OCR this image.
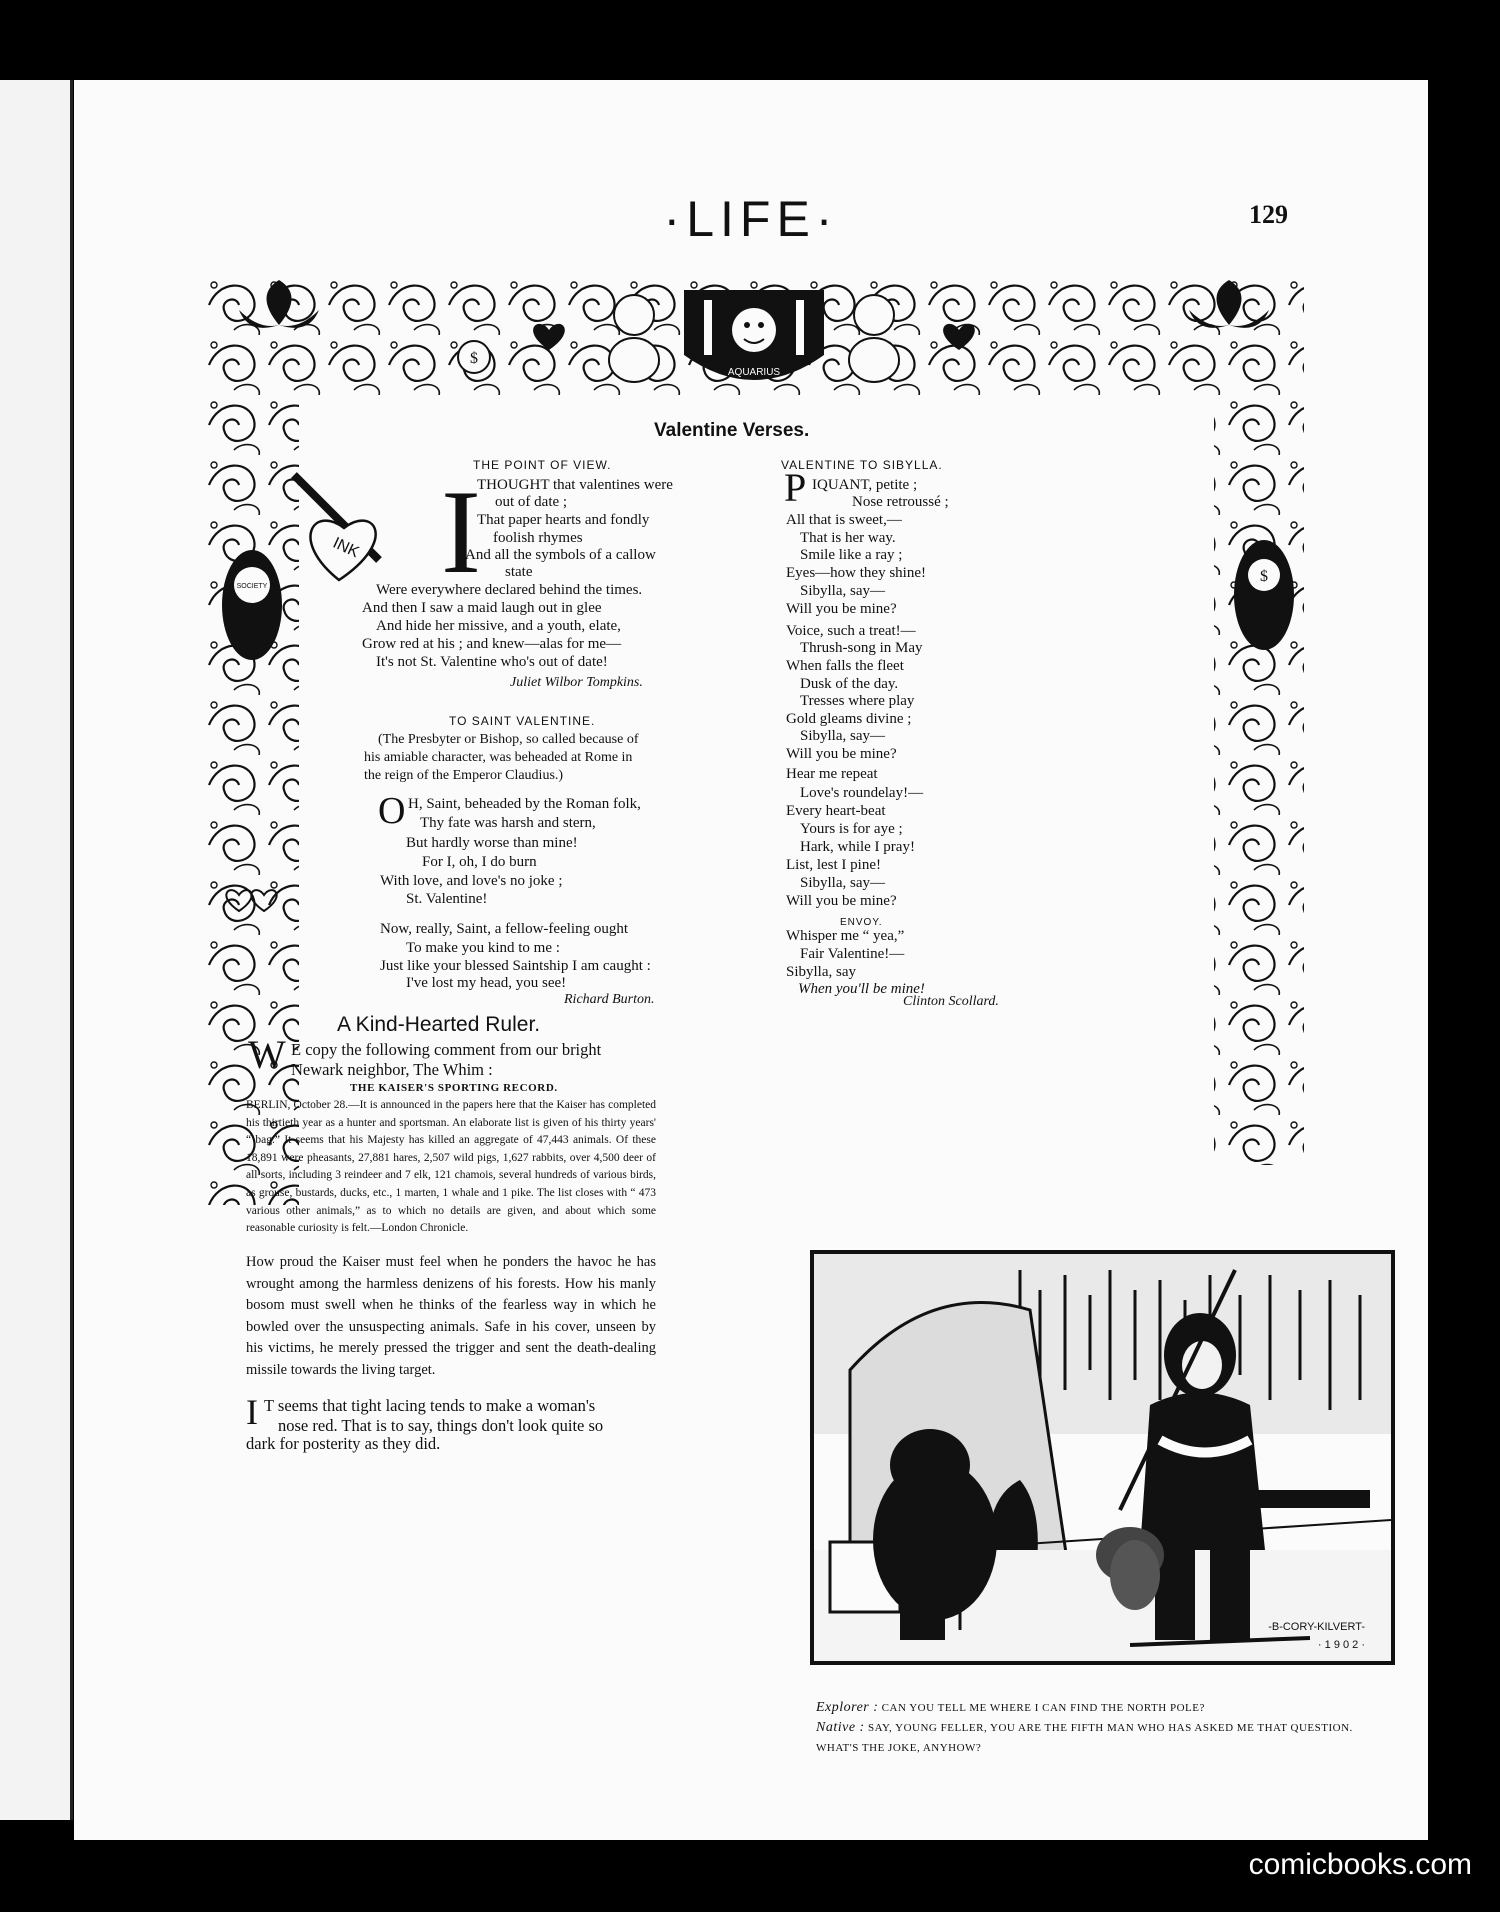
·LIFE·	129
AQUARIUS
$
SOCIETY
$
Valentine Verses.
THE POINT OF VIEW.
I
INK
THOUGHT that valentines were
out of date ;
That paper hearts and fondly
foolish rhymes
And all the symbols of a callow
state
Were everywhere declared behind the times.
And then I saw a maid laugh out in glee
And hide her missive, and a youth, elate,
Grow red at his ; and knew—alas for me—
It's not St. Valentine who's out of date!
Juliet Wilbor Tompkins.
TO SAINT VALENTINE.
(The Presbyter or Bishop, so called because of
his amiable character, was beheaded at Rome in
the reign of the Emperor Claudius.)
O H, Saint, beheaded by the Roman folk,
Thy fate was harsh and stern,
But hardly worse than mine!
For I, oh, I do burn
With love, and love's no joke ;
St. Valentine!
Now, really, Saint, a fellow-feeling ought
To make you kind to me :
Just like your blessed Saintship I am caught :
I've lost my head, you see!
Richard Burton.
VALENTINE TO SIBYLLA.
P IQUANT, petite ;
Nose retroussé ;
All that is sweet,—
That is her way.
Smile like a ray ;
Eyes—how they shine!
Sibylla, say—
Will you be mine?
Voice, such a treat!—
Thrush-song in May
When falls the fleet
Dusk of the day.
Tresses where play
Gold gleams divine ;
Sibylla, say—
Will you be mine?
Hear me repeat
Love's roundelay!—
Every heart-beat
Yours is for aye ;
Hark, while I pray!
List, lest I pine!
Sibylla, say—
Will you be mine?
ENVOY.
Whisper me “ yea,”
Fair Valentine!—
Sibylla, say
When you'll be mine!
Clinton Scollard.
A Kind-Hearted Ruler.
W E copy the following comment from our bright
Newark neighbor, The Whim :
THE KAISER'S SPORTING RECORD.
BERLIN, October 28.—It is announced in the papers here that the Kaiser has completed his thirtieth year as a hunter and sportsman. An elaborate list is given of his thirty years' “ bag.” It seems that his Majesty has killed an aggregate of 47,443 animals. Of these 18,891 were pheasants, 27,881 hares, 2,507 wild pigs, 1,627 rabbits, over 4,500 deer of all sorts, including 3 reindeer and 7 elk, 121 chamois, several hundreds of various birds, as grouse, bustards, ducks, etc., 1 marten, 1 whale and 1 pike. The list closes with “ 473 various other animals,” as to which no details are given, and about which some reasonable curiosity is felt.—London Chronicle.
How proud the Kaiser must feel when he ponders the havoc he has wrought among the harmless denizens of his forests. How his manly bosom must swell when he thinks of the fearless way in which he bowled over the unsuspecting animals. Safe in his cover, unseen by his victims, he merely pressed the trigger and sent the death-dealing missile towards the living target.
I T seems that tight lacing tends to make a woman's
nose red. That is to say, things don't look quite so
dark for posterity as they did.
-B-CORY-KILVERT-
· 1 9 0 2 ·
Explorer : CAN YOU TELL ME WHERE I CAN FIND THE NORTH POLE?
Native : SAY, YOUNG FELLER, YOU ARE THE FIFTH MAN WHO HAS ASKED ME THAT QUESTION. WHAT'S THE JOKE, ANYHOW?
comicbooks.com
